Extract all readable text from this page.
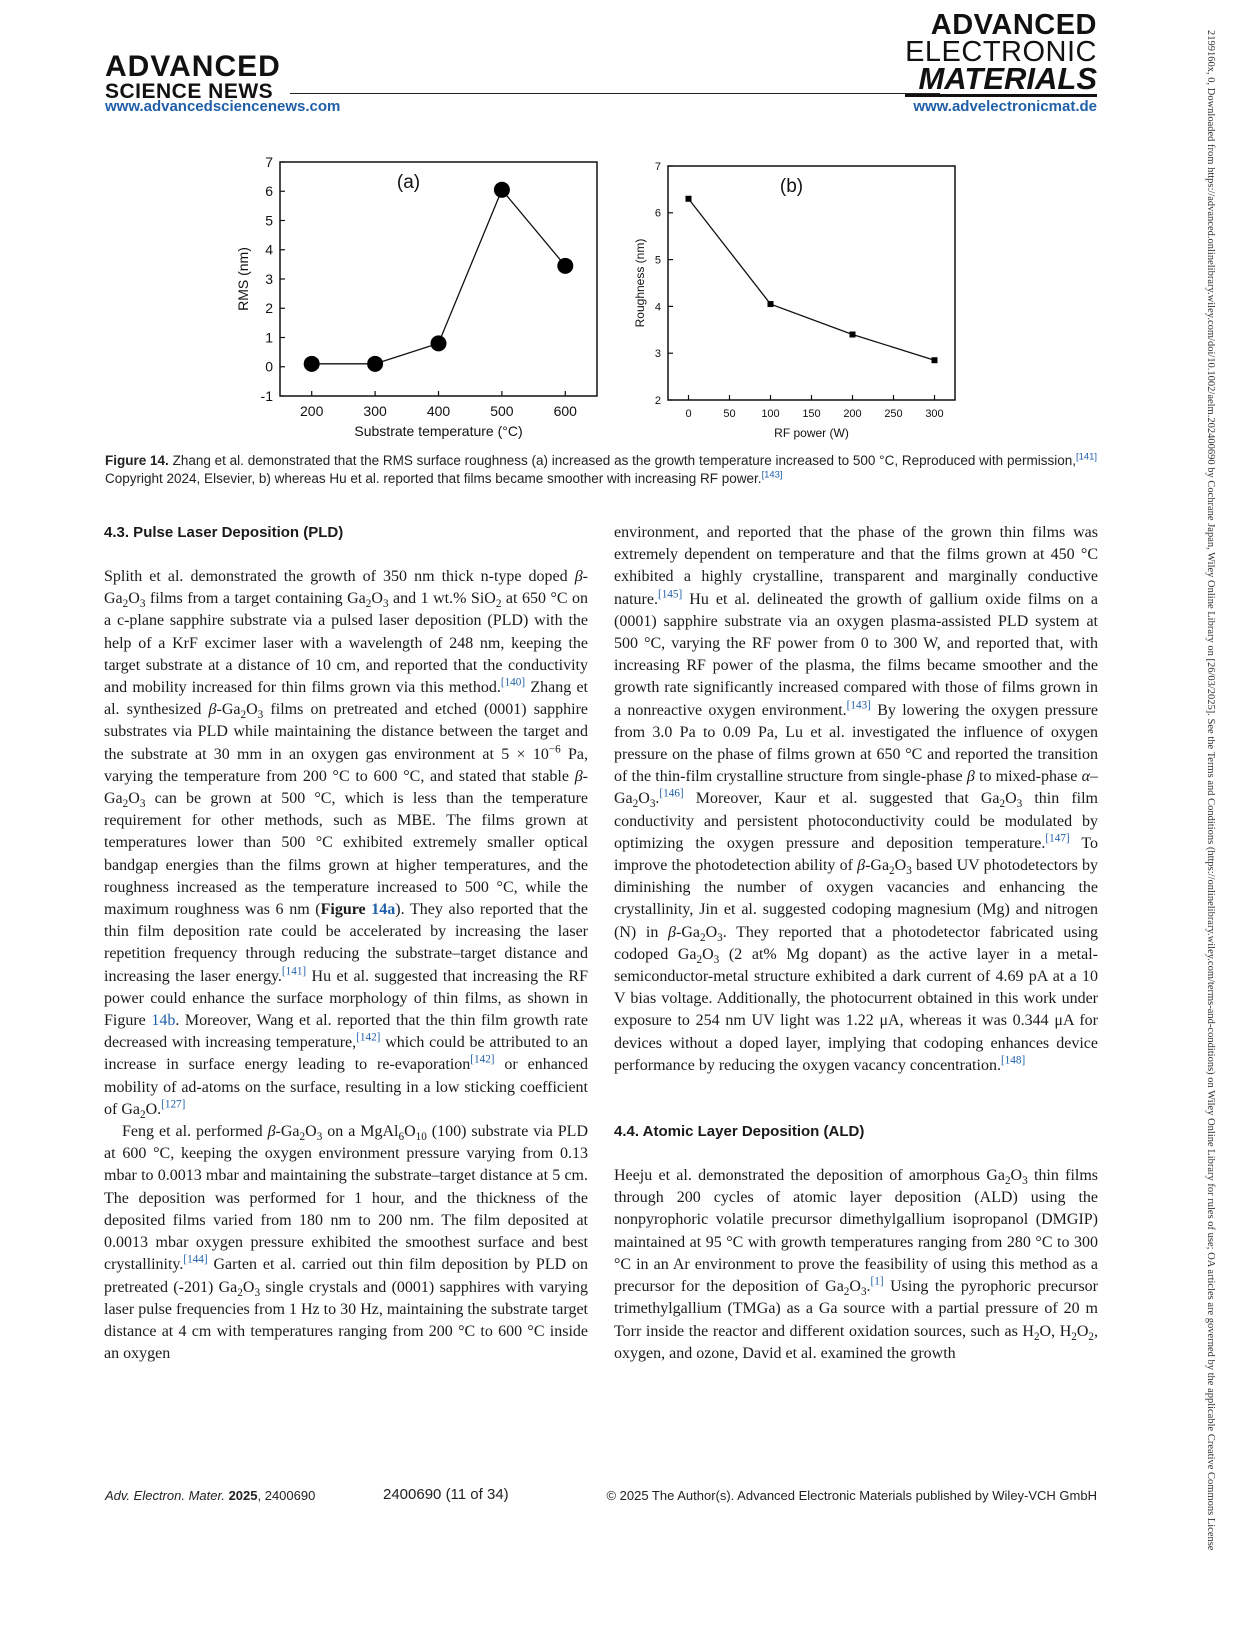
ADVANCED
SCIENCE NEWS
ADVANCED
ELECTRONIC
MATERIALS
www.advancedsciencenews.com	www.advelectronicmat.de	2199160x, 0, Downloaded from https://advanced.onlinelibrary.wiley.com/doi/10.1002/aelm.202400690 by Cochrane Japan, Wiley Online Library on [26/03/2025]. See the Terms and Conditions (https://onlinelibrary.wiley.com/terms-and-conditions) on Wiley Online Library for rules of use; OA articles are governed by the applicable Creative Commons License
200	300	400	500	600
-1
0
1
2
3
4
5
6
7
Substrate temperature (°C)
RMS (nm)
(a)
0	50 100 150 200 250 300
2
3
4
5
6
7
RF power (W)
Roughness (nm)
(b)
Figure 14. Zhang et al. demonstrated that the RMS surface roughness (a) increased as the growth temperature increased to 500 °C, Reproduced with permission,[141] Copyright 2024, Elsevier, b) whereas Hu et al. reported that films became smoother with increasing RF power.[143]
4.3. Pulse Laser Deposition (PLD)

Splith et al. demonstrated the growth of 350 nm thick n-type doped $\beta-Ga_2O_3$ films from a target containing $Ga_2O_3$ and 1 wt.% SiO$_2$ at 650 °C on a c-plane sapphire substrate via a pulsed laser deposition (PLD) with the help of a KrF excimer laser with a wavelength of 248 nm, keeping the target substrate at a distance of 10 cm, and reported that the conductivity and mobility increased for thin films grown via this method.[140] Zhang et al. synthesized $\beta-Ga_2O_3$ films on pretreated and etched (0001) sapphire substrates via PLD while maintaining the distance between the target and the substrate at 30 mm in an oxygen gas environment at $5 \times 10^{-6}$ Pa, varying the temperature from 200 °C to 600 °C, and stated that stable $\beta-Ga_2O_3$ can be grown at 500 °C, which is less than the temperature requirement for other methods, such as MBE. The films grown at temperatures lower than 500 °C exhibited extremely smaller optical bandgap energies than the films grown at higher temperatures, and the roughness increased as the temperature increased to 500 °C, while the maximum roughness was 6 nm (Figure 14a). They also reported that the thin film deposition rate could be accelerated by increasing the laser repetition frequency through reducing the substrate–target distance and increasing the laser energy.[141] Hu et al. suggested that increasing the RF power could enhance the surface morphology of thin films, as shown in Figure 14b. Moreover, Wang et al. reported that the thin film growth rate decreased with increasing temperature,[142] which could be attributed to an increase in surface energy leading to re-evaporation[142] or enhanced mobility of ad-atoms on the surface, resulting in a low sticking coefficient of $Ga_2O.[127]$

Feng et al. performed $\beta-Ga_2O_3$ on a $MgAl_6O_{10}$ (100) substrate via PLD at 600 °C, keeping the oxygen environment pressure varying from 0.13 mbar to 0.0013 mbar and maintaining the substrate–target distance at 5 cm. The deposition was performed for 1 hour, and the thickness of the deposited films varied from 180 nm to 200 nm. The film deposited at 0.0013 mbar oxygen pressure exhibited the smoothest surface and best crystallinity.[144] Garten et al. carried out thin film deposition by PLD on pretreated (-201) $Ga_2O_3$ single crystals and (0001) sapphires with varying laser pulse frequencies from 1 Hz to 30 Hz, maintaining the substrate target distance at 4 cm with temperatures ranging from 200 °C to 600 °C inside an oxygen

environment, and reported that the phase of the grown thin films was extremely dependent on temperature and that the films grown at 450 °C exhibited a highly crystalline, transparent and marginally conductive nature.[145] Hu et al. delineated the growth of gallium oxide films on a (0001) sapphire substrate via an oxygen plasma-assisted PLD system at 500 °C, varying the RF power from 0 to 300 W, and reported that, with increasing RF power of the plasma, the films became smoother and the growth rate significantly increased compared with those of films grown in a nonreactive oxygen environment.[143] By lowering the oxygen pressure from 3.0 Pa to 0.09 Pa, Lu et al. investigated the influence of oxygen pressure on the phase of films grown at 650 °C and reported the transition of the thin-film crystalline structure from single-phase β to mixed-phase $\alpha-Ga_2O_3.[146]$ Moreover, Kaur et al. suggested that $Ga_2O_3$ thin film conductivity and persistent photoconductivity could be modulated by optimizing the oxygen pressure and deposition temperature.[147] To improve the photodetection ability of $\beta-Ga_2O_3$ based UV photodetectors by diminishing the number of oxygen vacancies and enhancing the crystallinity, Jin et al. suggested codoping magnesium (Mg) and nitrogen (N) in $\beta-Ga_2O_3$. They reported that a photodetector fabricated using codoped $Ga_2O_3$ (2 at% Mg dopant) as the active layer in a metal-semiconductor-metal structure exhibited a dark current of 4.69 pA at a 10 V bias voltage. Additionally, the photocurrent obtained in this work under exposure to 254 nm UV light was 1.22 μA, whereas it was 0.344 μA for devices without a doped layer, implying that codoping enhances device performance by reducing the oxygen vacancy concentration.[148]

4.4. Atomic Layer Deposition (ALD)

Heeju et al. demonstrated the deposition of amorphous $Ga_2O_3$ thin films through 200 cycles of atomic layer deposition (ALD) using the nonpyrophoric volatile precursor dimethylgallium isopropanol (DMGIP) maintained at 95 °C with growth temperatures ranging from 280 °C to 300 °C in an Ar environment to prove the feasibility of using this method as a precursor for the deposition of $Ga_2O_3.[1]$ Using the pyrophoric precursor trimethylgallium (TMGa) as a Ga source with a partial pressure of 20 m Torr inside the reactor and different oxidation sources, such as $H_2O$, $H_2O_2$, oxygen, and ozone, David et al. examined the growth

Adv. Electron. Mater. 2025, 2400690	2400690 (11 of 34)	© 2025 The Author(s). Advanced Electronic Materials published by Wiley-VCH GmbH
